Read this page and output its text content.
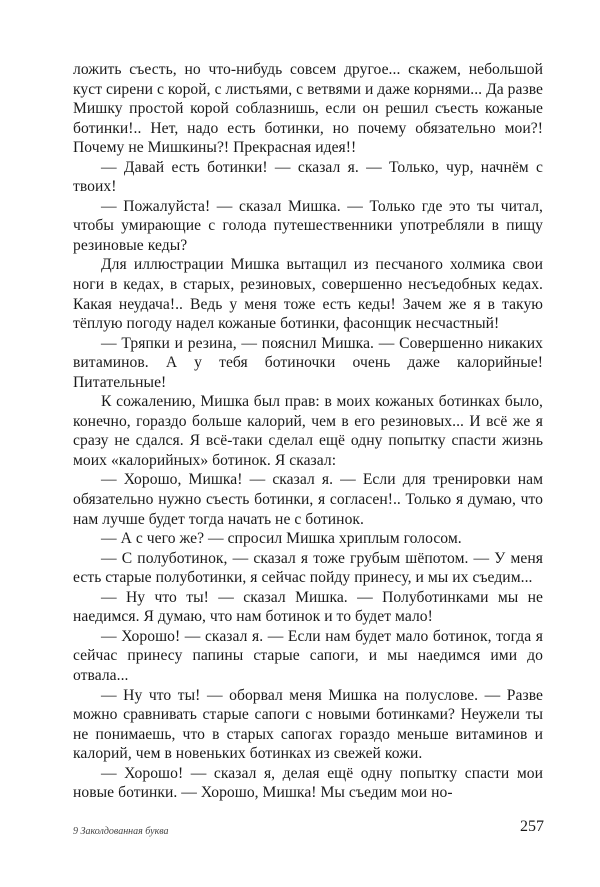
ложить съесть, но что-нибудь совсем другое... скажем, небольшой куст сирени с корой, с листьями, с ветвями и даже корнями... Да разве Мишку простой корой соблазнишь, если он решил съесть кожаные ботинки!.. Нет, надо есть ботинки, но почему обязательно мои?! Почему не Мишкины?! Прекрасная идея!!

— Давай есть ботинки! — сказал я. — Только, чур, начнём с твоих!

— Пожалуйста! — сказал Мишка. — Только где это ты читал, чтобы умирающие с голода путешественники употребляли в пищу резиновые кеды?

Для иллюстрации Мишка вытащил из песчаного холмика свои ноги в кедах, в старых, резиновых, совершенно несъедобных кедах. Какая неудача!.. Ведь у меня тоже есть кеды! Зачем же я в такую тёплую погоду надел кожаные ботинки, фасонщик несчастный!

— Тряпки и резина, — пояснил Мишка. — Совершенно никаких витаминов. А у тебя ботиночки очень даже калорийные! Питательные!

К сожалению, Мишка был прав: в моих кожаных ботинках было, конечно, гораздо больше калорий, чем в его резиновых... И всё же я сразу не сдался. Я всё-таки сделал ещё одну попытку спасти жизнь моих «калорийных» ботинок. Я сказал:

— Хорошо, Мишка! — сказал я. — Если для тренировки нам обязательно нужно съесть ботинки, я согласен!.. Только я думаю, что нам лучше будет тогда начать не с ботинок.

— А с чего же? — спросил Мишка хриплым голосом.

— С полуботинок, — сказал я тоже грубым шёпотом. — У меня есть старые полуботинки, я сейчас пойду принесу, и мы их съедим...

— Ну что ты! — сказал Мишка. — Полуботинками мы не наедимся. Я думаю, что нам ботинок и то будет мало!

— Хорошо! — сказал я. — Если нам будет мало ботинок, тогда я сейчас принесу папины старые сапоги, и мы наедимся ими до отвала...

— Ну что ты! — оборвал меня Мишка на полуслове. — Разве можно сравнивать старые сапоги с новыми ботинками? Неужели ты не понимаешь, что в старых сапогах гораздо меньше витаминов и калорий, чем в новеньких ботинках из свежей кожи.

— Хорошо! — сказал я, делая ещё одну попытку спасти мои новые ботинки. — Хорошо, Мишка! Мы съедим мои но-

9 Заколдованная буква	257
